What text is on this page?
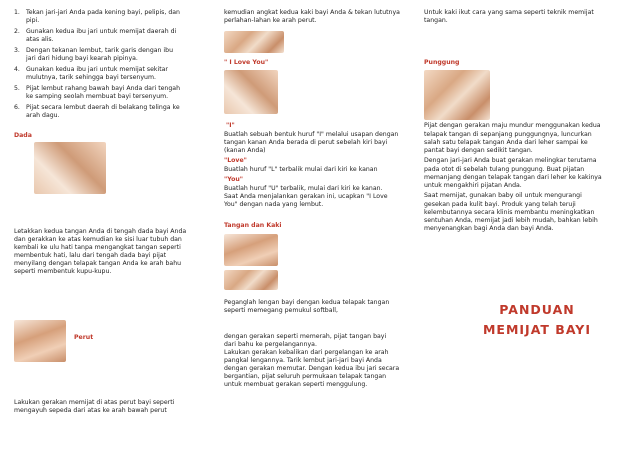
1. Tekan jari-jari Anda pada kening bayi, pelipis, dan
pipi.
2. Gunakan kedua ibu jari untuk memijat daerah di
atas alis.
3. Dengan tekanan lembut, tarik garis dengan ibu
jari dari hidung bayi kearah pipinya.
4. Gunakan kedua ibu jari untuk memijat sekitar
mulutnya, tarik sehingga bayi tersenyum.
5. Pijat lembut rahang bawah bayi Anda dari tengah
ke samping seolah membuat bayi tersenyum.
6. Pijat secara lembut daerah di belakang telinga ke
arah dagu.
Dada
Letakkan kedua tangan Anda di tengah dada bayi Anda
dan gerakkan ke atas kemudian ke sisi luar tubuh dan
kembali ke ulu hati tanpa mengangkat tangan seperti
membentuk hati, lalu dari tengah dada bayi pijat
menyilang dengan telapak tangan Anda ke arah bahu
seperti membentuk kupu-kupu.
Perut
Lakukan gerakan memijat di atas perut bayi seperti
mengayuh sepeda dari atas ke arah bawah perut
kemudian angkat kedua kaki bayi Anda & tekan lututnya
perlahan-lahan ke arah perut.
" I Love You"
"I"
Buatlah sebuah bentuk huruf "I" melalui usapan dengan
tangan kanan Anda berada di perut sebelah kiri bayi
(kanan Anda)
"Love"
Buatlah huruf "L" terbalik mulai dari kiri ke kanan
"You"
Buatlah huruf "U" terbalik, mulai dari kiri ke kanan.
Saat Anda menjalankan gerakan ini, ucapkan "I Love
You" dengan nada yang lembut.
Tangan dan Kaki
Peganglah lengan bayi dengan kedua telapak tangan
seperti memegang pemukul softball,
dengan gerakan seperti memerah, pijat tangan bayi
dari bahu ke pergelangannya.
Lakukan gerakan kebalikan dari pergelangan ke arah
pangkal lengannya. Tarik lembut jari-jari bayi Anda
dengan gerakan memutar. Dengan kedua ibu jari secara
bergantian, pijat seluruh permukaan telapak tangan
untuk membuat gerakan seperti menggulung.
Untuk kaki ikut cara yang sama seperti teknik memijat
tangan.
Punggung
Pijat dengan gerakan maju mundur menggunakan kedua
telapak tangan di sepanjang punggungnya, luncurkan
salah satu telapak tangan Anda dari leher sampai ke
pantat bayi dengan sedikit tangan.
Dengan jari-jari Anda buat gerakan melingkar terutama
pada otot di sebelah tulang punggung. Buat pijatan
memanjang dengan telapak tangan dari leher ke kakinya
untuk mengakhiri pijatan Anda.
Saat memijat, gunakan baby oil untuk mengurangi
gesekan pada kulit bayi. Produk yang telah teruji
kelembutannya secara klinis membantu meningkatkan
sentuhan Anda, memijat jadi lebih mudah, bahkan lebih
menyenangkan bagi Anda dan bayi Anda.
PANDUAN
MEMIJAT BAYI
